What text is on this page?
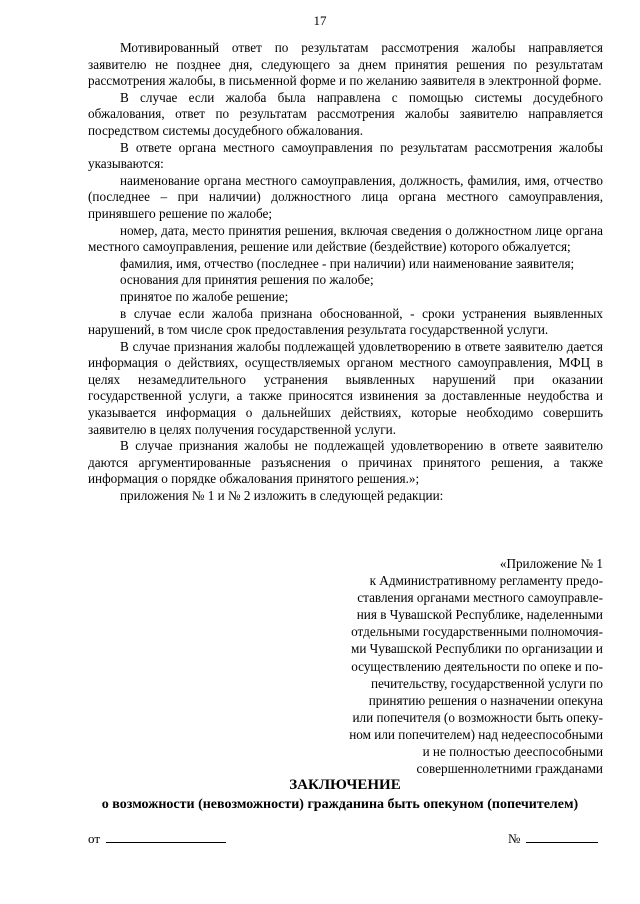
17

Мотивированный ответ по результатам рассмотрения жалобы направляется заявителю не позднее дня, следующего за днем принятия решения по результатам рассмотрения жалобы, в письменной форме и по желанию заявителя в электронной форме.

В случае если жалоба была направлена с помощью системы досудебного обжалования, ответ по результатам рассмотрения жалобы заявителю направляется посредством системы досудебного обжалования.

В ответе органа местного самоуправления по результатам рассмотрения жалобы указываются:

наименование органа местного самоуправления, должность, фамилия, имя, отчество (последнее – при наличии) должностного лица органа местного самоуправления, принявшего решение по жалобе;

номер, дата, место принятия решения, включая сведения о должностном лице органа местного самоуправления, решение или действие (бездействие) которого обжалуется;

фамилия, имя, отчество (последнее - при наличии) или наименование заявителя;

основания для принятия решения по жалобе;

принятое по жалобе решение;

в случае если жалоба признана обоснованной, - сроки устранения выявленных нарушений, в том числе срок предоставления результата государственной услуги.

В случае признания жалобы подлежащей удовлетворению в ответе заявителю дается информация о действиях, осуществляемых органом местного самоуправления, МФЦ в целях незамедлительного устранения выявленных нарушений при оказании государственной услуги, а также приносятся извинения за доставленные неудобства и указывается информация о дальнейших действиях, которые необходимо совершить заявителю в целях получения государственной услуги.

В случае признания жалобы не подлежащей удовлетворению в ответе заявителю даются аргументированные разъяснения о причинах принятого решения, а также информация о порядке обжалования принятого решения.»;

приложения № 1 и № 2 изложить в следующей редакции:

«Приложение № 1
к Административному регламенту предо-
ставления органами местного самоуправле-
ния в Чувашской Республике, наделенными
отдельными государственными полномочия-
ми Чувашской Республики по организации и
осуществлению деятельности по опеке и по-
печительству, государственной услуги по
принятию решения о назначении опекуна
или попечителя (о возможности быть опеку-
ном или попечителем) над недееспособными
и не полностью дееспособными
совершеннолетними гражданами
ЗАКЛЮЧЕНИЕ
о возможности (невозможности) гражданина быть опекуном (попечителем)
от	№
